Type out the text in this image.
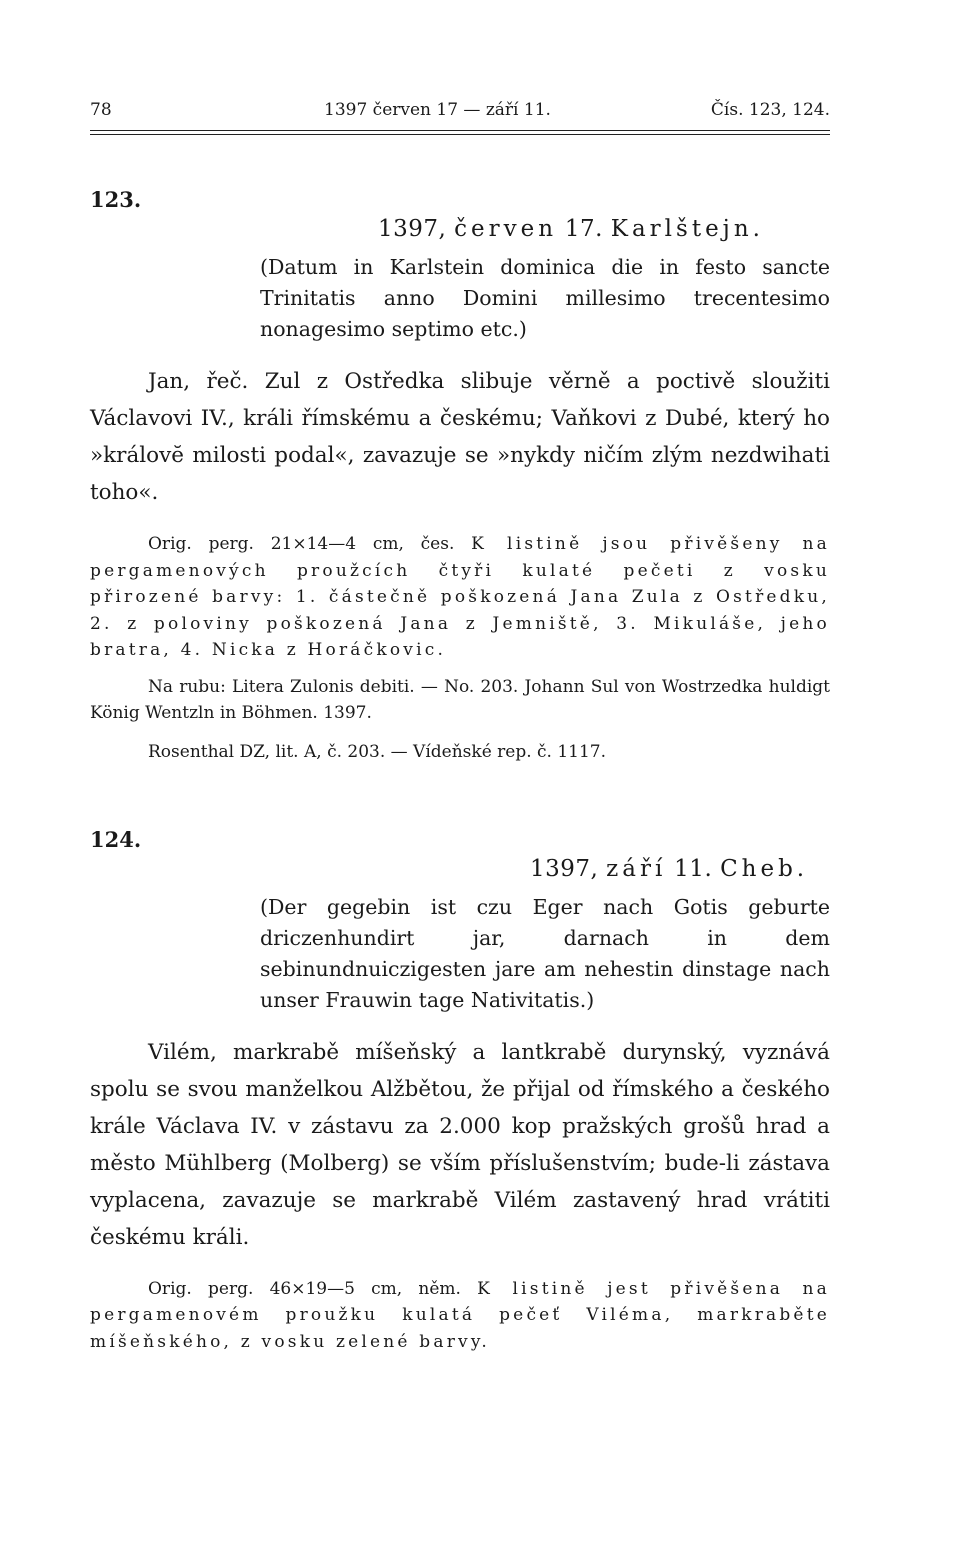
78	1397 červen 17 — září 11.	Čís. 123, 124.
123.
1397, červen 17. Karlštejn.
(Datum in Karlstein dominica die in festo sancte Trinitatis anno Domini millesimo trecentesimo nonagesimo septimo etc.)
Jan, řeč. Zul z Ostředka slibuje věrně a poctivě sloužiti Václavovi IV., králi římskému a českému; Vaňkovi z Dubé, který ho »královĕ milosti podal«, zavazuje se »nykdy ničím zlým nezdwihati toho«.
Orig. perg. 21×14—4 cm, čes. K listině jsou přivěšeny na pergamenových proužcích čtyři kulaté pečeti z vosku přirozené barvy: 1. částečně poškozená Jana Zula z Ostředku, 2. z poloviny poškozená Jana z Jemniště, 3. Mikuláše, jeho bratra, 4. Nicka z Horáčkovic.
Na rubu: Litera Zulonis debiti. — No. 203. Johann Sul von Wostrzedka huldigt König Wentzln in Böhmen. 1397.
Rosenthal DZ, lit. A, č. 203. — Vídeňské rep. č. 1117.
124.
1397, září 11. Cheb.
(Der gegebin ist czu Eger nach Gotis geburte driczenhundirt jar, darnach in dem sebinundnuiczigesten jare am nehestin dinstage nach unser Frauwin tage Nativitatis.)
Vilém, markrabě míšeňský a lantkrabě durynský, vyznává spolu se svou manželkou Alžbětou, že přijal od římského a českého krále Václava IV. v zástavu za 2.000 kop pražských grošů hrad a město Mühlberg (Molberg) se vším příslušenstvím; bude-li zástava vyplacena, zavazuje se markrabě Vilém zastavený hrad vrátiti českému králi.
Orig. perg. 46×19—5 cm, něm. K listině jest přivěšena na pergamenovém proužku kulatá pečeť Viléma, markraběte míšeňského, z vosku zelené barvy.
